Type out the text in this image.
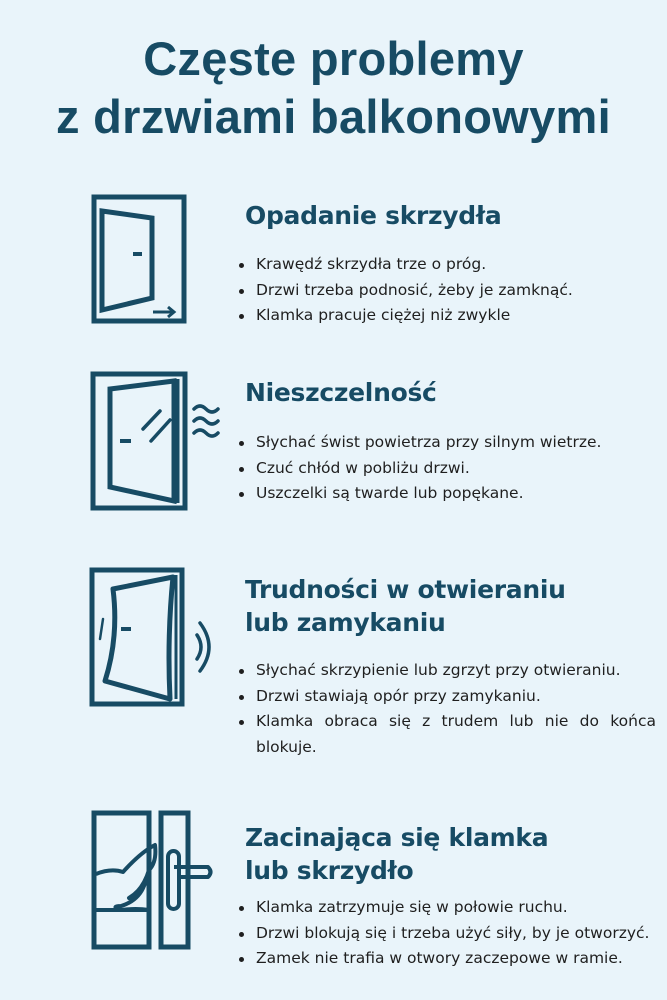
Częste problemy
z drzwiami balkonowymi
Opadanie skrzydła
Krawędź skrzydła trze o próg.
Drzwi trzeba podnosić, żeby je zamknąć.
Klamka pracuje ciężej niż zwykle
Nieszczelność
Słychać świst powietrza przy silnym wietrze.
Czuć chłód w pobliżu drzwi.
Uszczelki są twarde lub popękane.
Trudności w otwieraniu
lub zamykaniu
Słychać skrzypienie lub zgrzyt przy otwieraniu.
Drzwi stawiają opór przy zamykaniu.
Klamka obraca się z trudem lub nie do końca blokuje.
Zacinająca się klamka
lub skrzydło
Klamka zatrzymuje się w połowie ruchu.
Drzwi blokują się i trzeba użyć siły, by je otworzyć.
Zamek nie trafia w otwory zaczepowe w ramie.
